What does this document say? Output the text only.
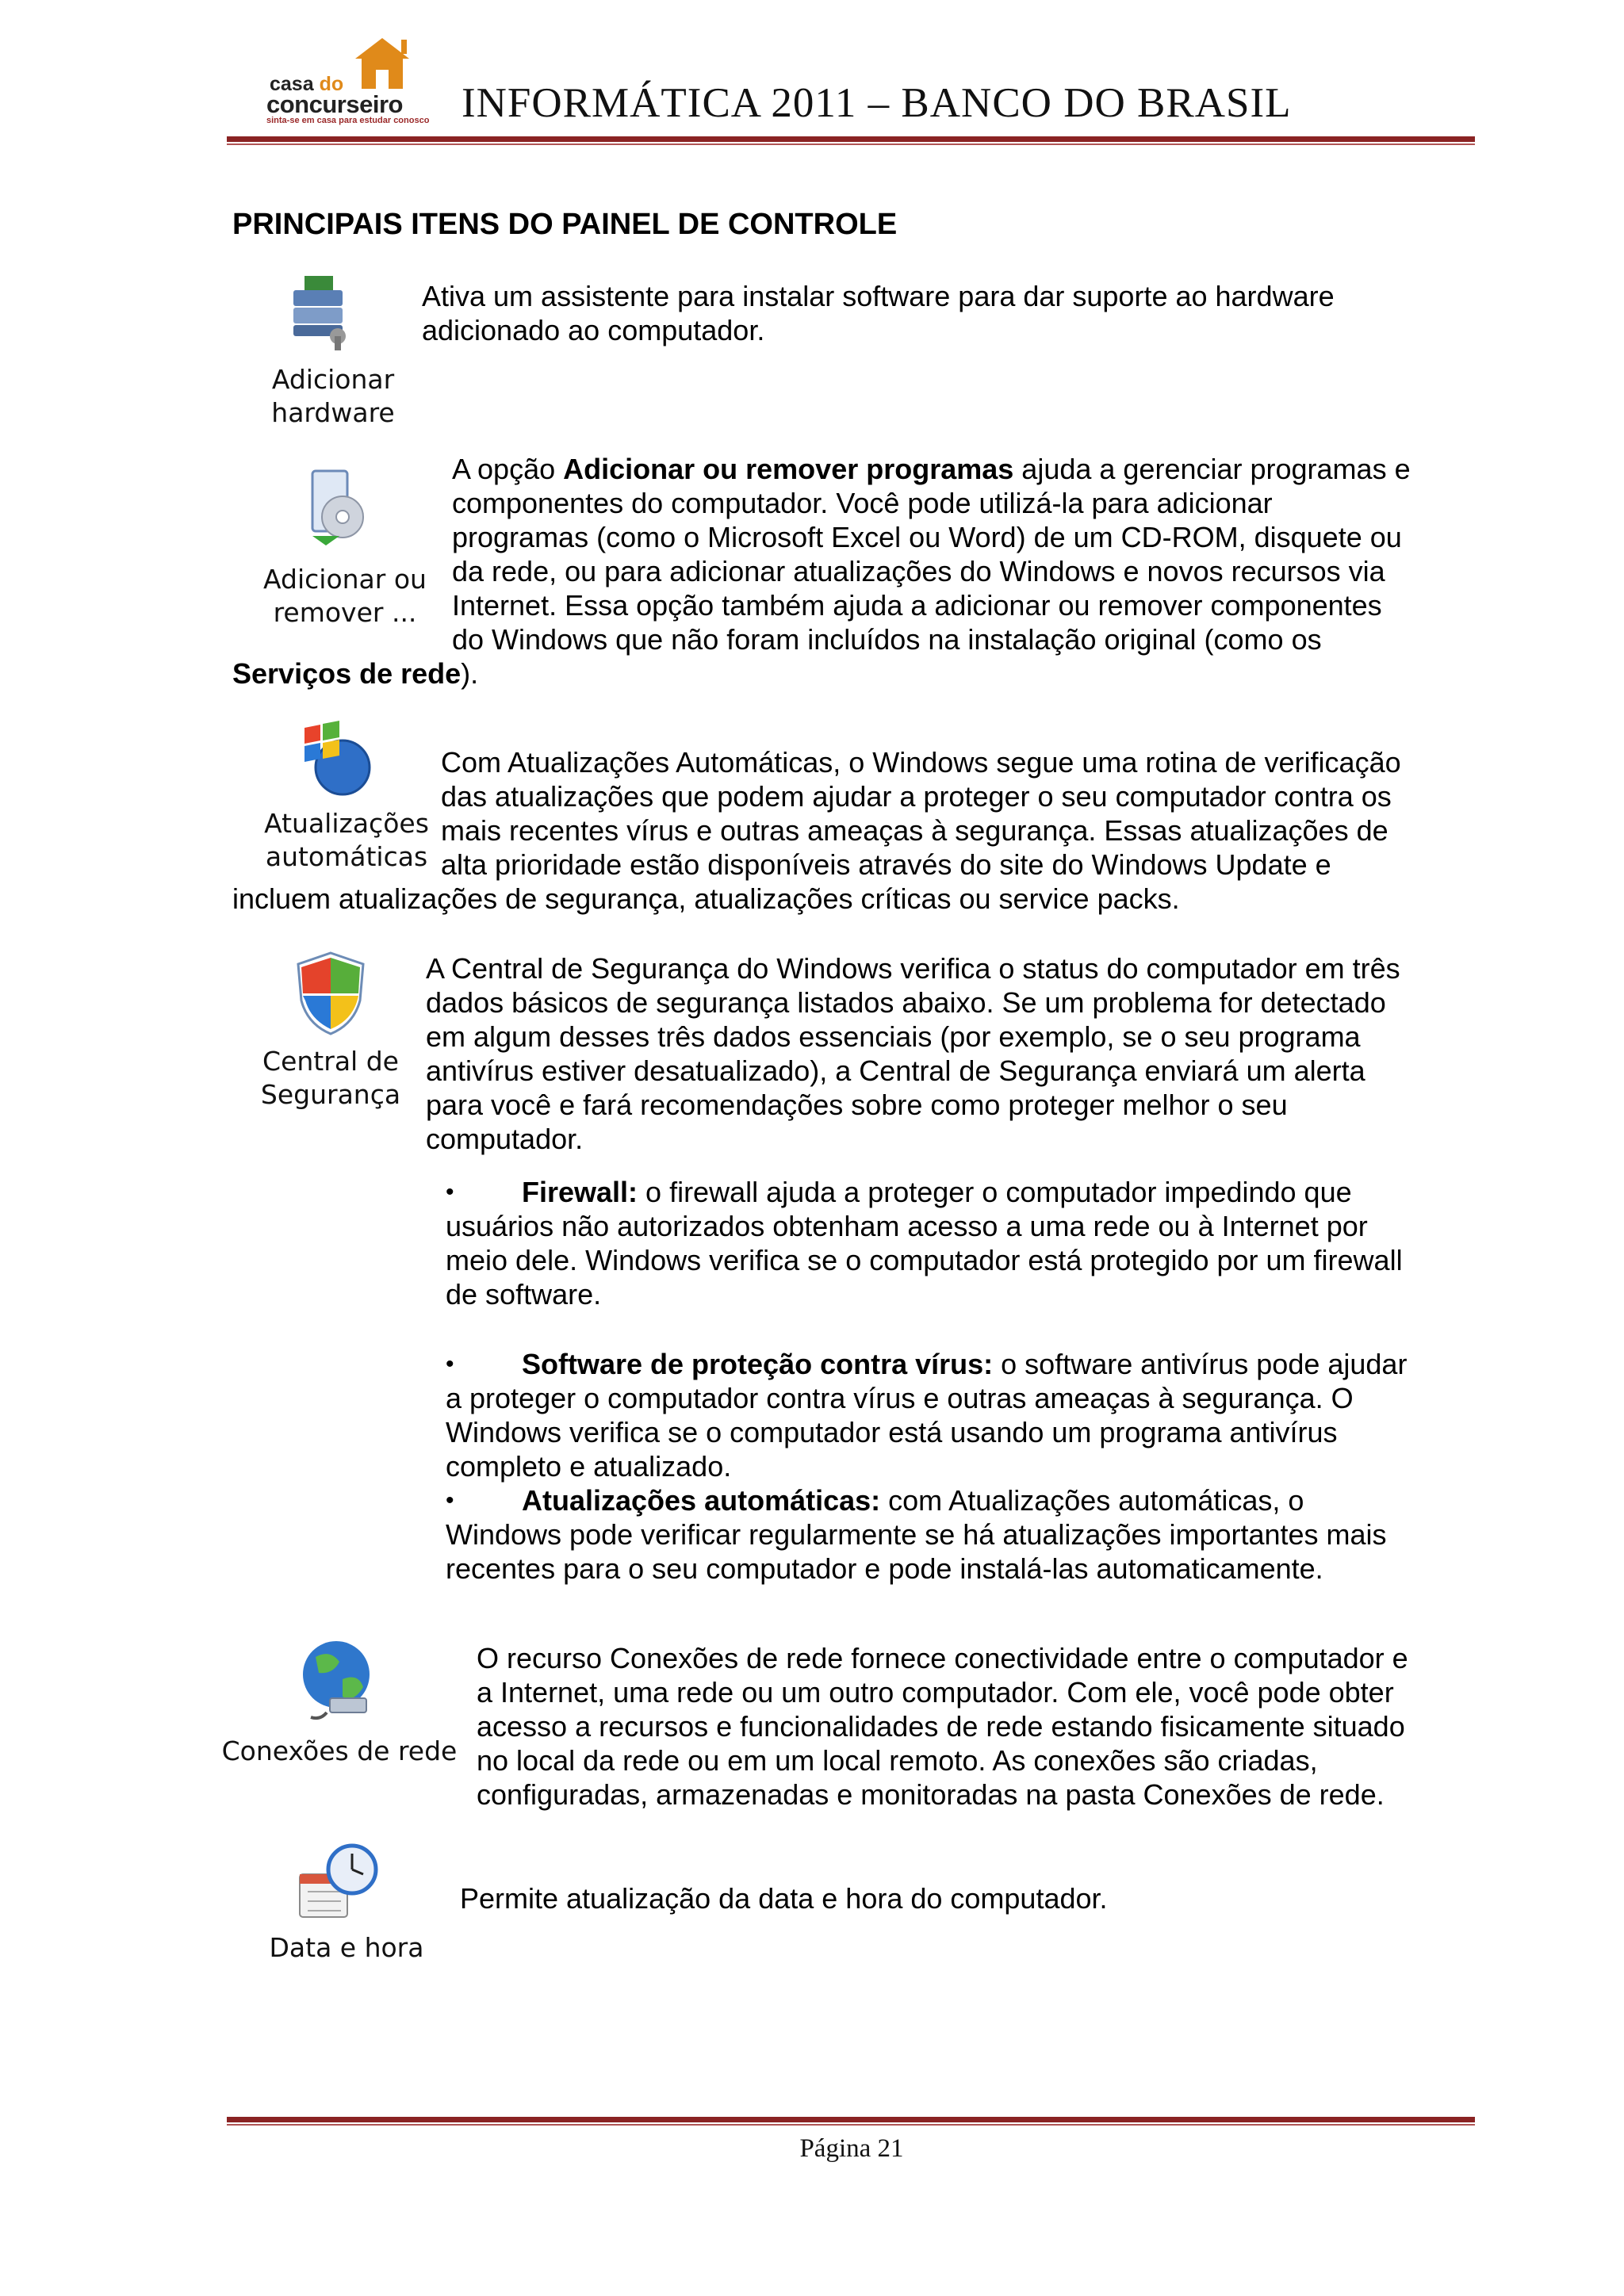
casa do
concurseiro
sinta-se em casa para estudar conosco INFORMÁTICA 2011 – BANCO DO BRASIL
PRINCIPAIS ITENS DO PAINEL DE CONTROLE
Adicionar
hardware
Ativa um assistente para instalar software para dar suporte ao hardware
adicionado ao computador.
Adicionar ou
remover ...
A opção Adicionar ou remover programas ajuda a gerenciar programas e
componentes do computador. Você pode utilizá-la para adicionar
programas (como o Microsoft Excel ou Word) de um CD-ROM, disquete ou
da rede, ou para adicionar atualizações do Windows e novos recursos via
Internet. Essa opção também ajuda a adicionar ou remover componentes
do Windows que não foram incluídos na instalação original (como os
Serviços de rede).
Atualizações
automáticas
Com Atualizações Automáticas, o Windows segue uma rotina de verificação
das atualizações que podem ajudar a proteger o seu computador contra os
mais recentes vírus e outras ameaças à segurança. Essas atualizações de
alta prioridade estão disponíveis através do site do Windows Update e
incluem atualizações de segurança, atualizações críticas ou service packs.
Central de
Segurança
A Central de Segurança do Windows verifica o status do computador em três
dados básicos de segurança listados abaixo. Se um problema for detectado
em algum desses três dados essenciais (por exemplo, se o seu programa
antivírus estiver desatualizado), a Central de Segurança enviará um alerta
para você e fará recomendações sobre como proteger melhor o seu
computador.
•	Firewall: o firewall ajuda a proteger o computador impedindo que
usuários não autorizados obtenham acesso a uma rede ou à Internet por
meio dele. Windows verifica se o computador está protegido por um firewall
de software.
•	Software de proteção contra vírus: o software antivírus pode ajudar
a proteger o computador contra vírus e outras ameaças à segurança. O
Windows verifica se o computador está usando um programa antivírus
completo e atualizado.
•	Atualizações automáticas: com Atualizações automáticas, o
Windows pode verificar regularmente se há atualizações importantes mais
recentes para o seu computador e pode instalá-las automaticamente.
Conexões de rede
O recurso Conexões de rede fornece conectividade entre o computador e
a Internet, uma rede ou um outro computador. Com ele, você pode obter
acesso a recursos e funcionalidades de rede estando fisicamente situado
no local da rede ou em um local remoto. As conexões são criadas,
configuradas, armazenadas e monitoradas na pasta Conexões de rede.
Data e hora
Permite atualização da data e hora do computador.
Página 21
